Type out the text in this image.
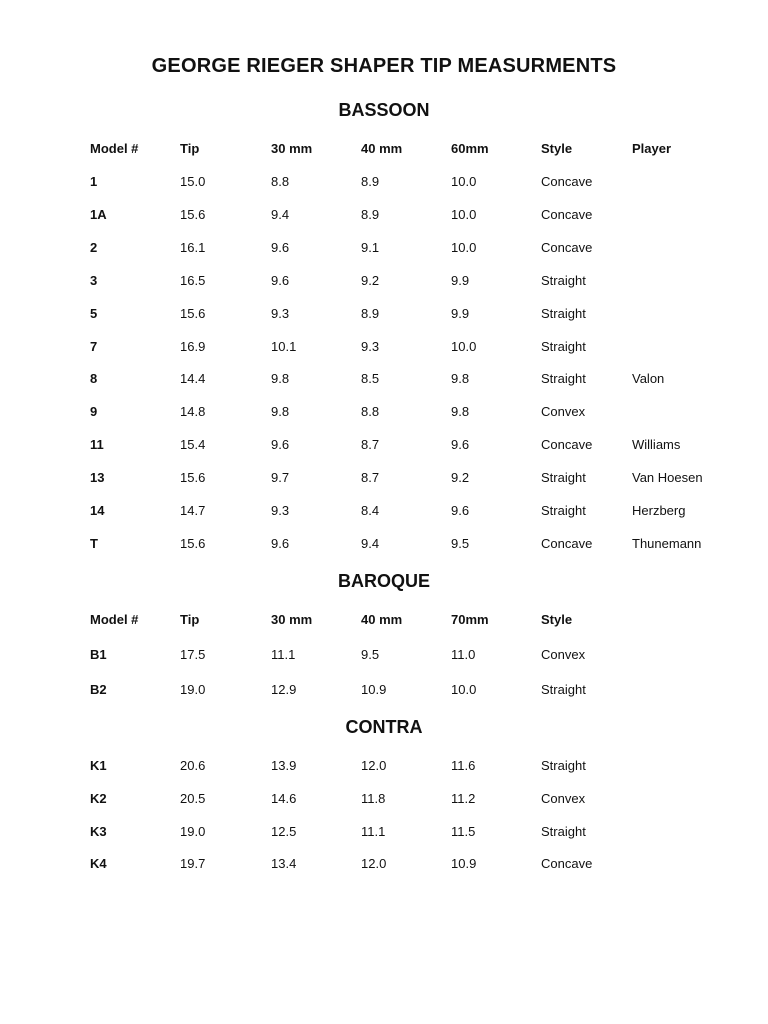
GEORGE RIEGER SHAPER TIP MEASURMENTS
BASSOON
Model #	Tip	30 mm	40 mm	60mm	Style	Player
1	15.0	8.8	8.9	10.0	Concave
1A	15.6	9.4	8.9	10.0	Concave
2	16.1	9.6	9.1	10.0	Concave
3	16.5	9.6	9.2	9.9	Straight
5	15.6	9.3	8.9	9.9	Straight
7	16.9	10.1	9.3	10.0	Straight
8	14.4	9.8	8.5	9.8	Straight	Valon
9	14.8	9.8	8.8	9.8	Convex
11	15.4	9.6	8.7	9.6	Concave	Williams
13	15.6	9.7	8.7	9.2	Straight	Van Hoesen
14	14.7	9.3	8.4	9.6	Straight	Herzberg
T	15.6	9.6	9.4	9.5	Concave	Thunemann
BAROQUE
Model #	Tip	30 mm	40 mm	70mm	Style
B1	17.5	11.1	9.5	11.0	Convex
B2	19.0	12.9	10.9	10.0	Straight
CONTRA
K1	20.6	13.9	12.0	11.6	Straight
K2	20.5	14.6	11.8	11.2	Convex
K3	19.0	12.5	11.1	11.5	Straight
K4	19.7	13.4	12.0	10.9	Concave
